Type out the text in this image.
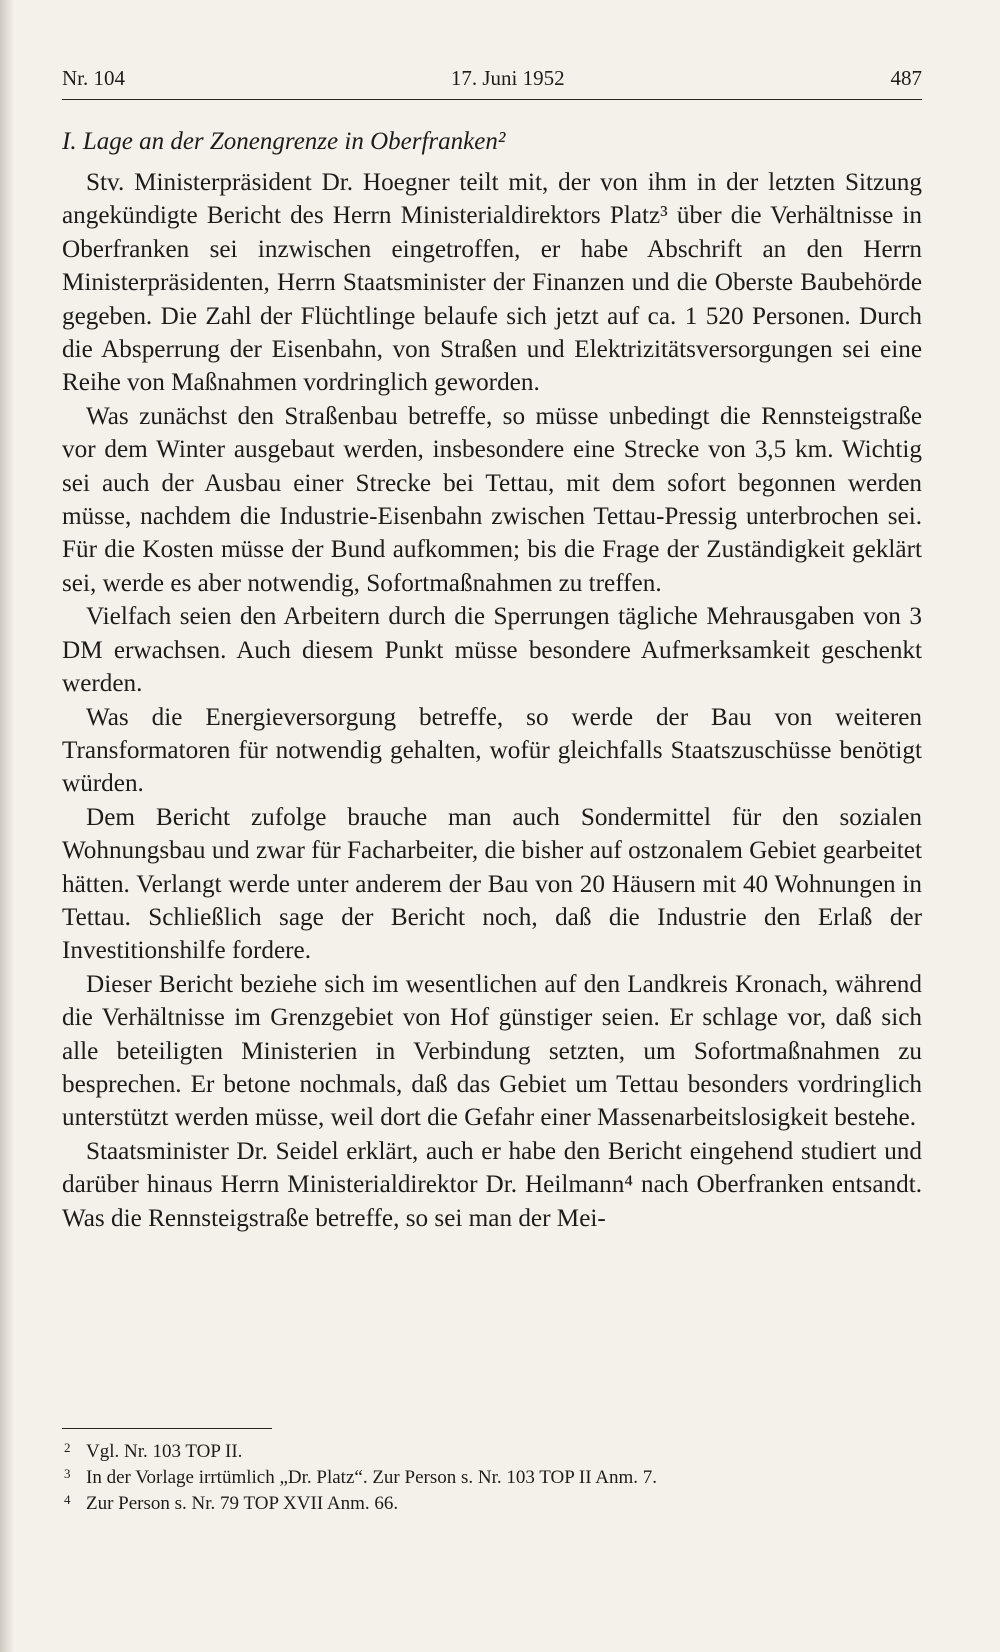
Nr. 104	17. Juni 1952	487
I. Lage an der Zonengrenze in Oberfranken²

Stv. Ministerpräsident Dr. Hoegner teilt mit, der von ihm in der letzten Sitzung angekündigte Bericht des Herrn Ministerialdirektors Platz³ über die Verhältnisse in Oberfranken sei inzwischen eingetroffen, er habe Abschrift an den Herrn Ministerpräsidenten, Herrn Staatsminister der Finanzen und die Oberste Baubehörde gegeben. Die Zahl der Flüchtlinge belaufe sich jetzt auf ca. 1 520 Personen. Durch die Absperrung der Eisenbahn, von Straßen und Elektrizitätsversorgungen sei eine Reihe von Maßnahmen vordringlich geworden.

Was zunächst den Straßenbau betreffe, so müsse unbedingt die Rennsteigstraße vor dem Winter ausgebaut werden, insbesondere eine Strecke von 3,5 km. Wichtig sei auch der Ausbau einer Strecke bei Tettau, mit dem sofort begonnen werden müsse, nachdem die Industrie-Eisenbahn zwischen Tettau-Pressig unterbrochen sei. Für die Kosten müsse der Bund aufkommen; bis die Frage der Zuständigkeit geklärt sei, werde es aber notwendig, Sofortmaßnahmen zu treffen.

Vielfach seien den Arbeitern durch die Sperrungen tägliche Mehrausgaben von 3 DM erwachsen. Auch diesem Punkt müsse besondere Aufmerksamkeit geschenkt werden.

Was die Energieversorgung betreffe, so werde der Bau von weiteren Transformatoren für notwendig gehalten, wofür gleichfalls Staatszuschüsse benötigt würden.

Dem Bericht zufolge brauche man auch Sondermittel für den sozialen Wohnungsbau und zwar für Facharbeiter, die bisher auf ostzonalem Gebiet gearbeitet hätten. Verlangt werde unter anderem der Bau von 20 Häusern mit 40 Wohnungen in Tettau. Schließlich sage der Bericht noch, daß die Industrie den Erlaß der Investitionshilfe fordere.

Dieser Bericht beziehe sich im wesentlichen auf den Landkreis Kronach, während die Verhältnisse im Grenzgebiet von Hof günstiger seien. Er schlage vor, daß sich alle beteiligten Ministerien in Verbindung setzten, um Sofortmaßnahmen zu besprechen. Er betone nochmals, daß das Gebiet um Tettau besonders vordringlich unterstützt werden müsse, weil dort die Gefahr einer Massenarbeitslosigkeit bestehe.

Staatsminister Dr. Seidel erklärt, auch er habe den Bericht eingehend studiert und darüber hinaus Herrn Ministerialdirektor Dr. Heilmann⁴ nach Oberfranken entsandt. Was die Rennsteigstraße betreffe, so sei man der Mei-

2 Vgl. Nr. 103 TOP II.
3 In der Vorlage irrtümlich „Dr. Platz“. Zur Person s. Nr. 103 TOP II Anm. 7.
4 Zur Person s. Nr. 79 TOP XVII Anm. 66.
